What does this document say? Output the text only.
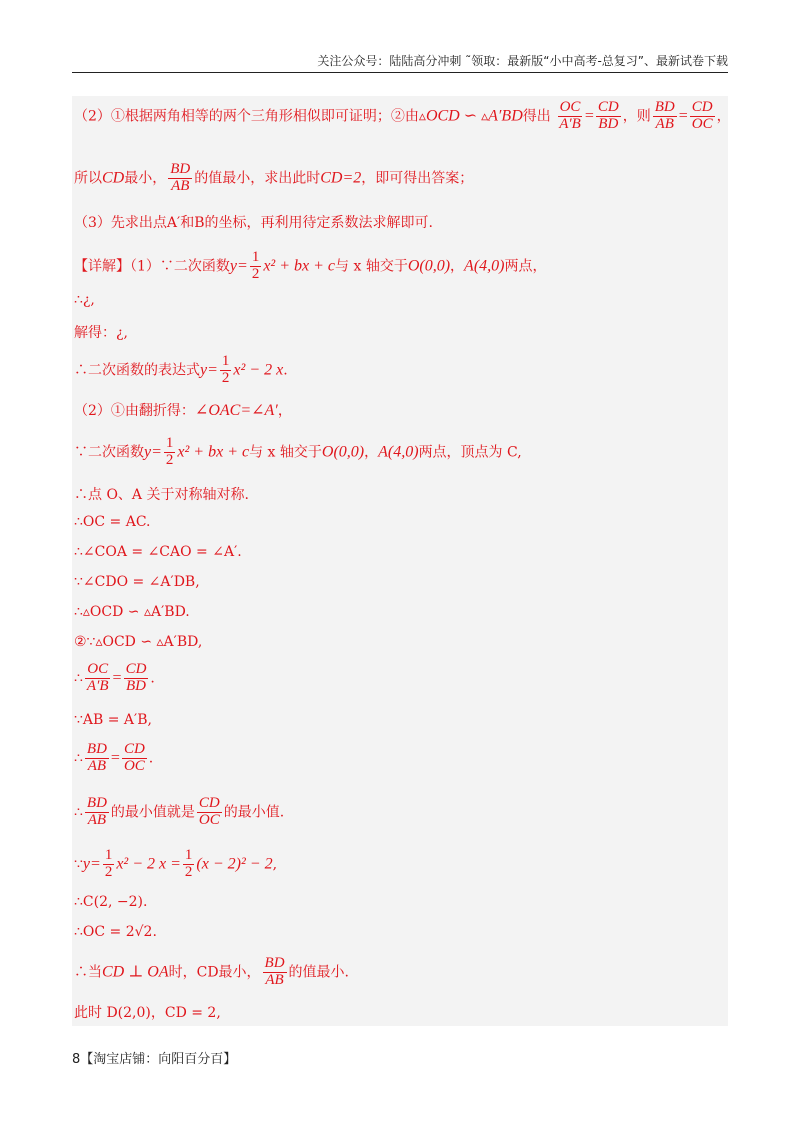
关注公众号：陆陆高分冲刺 ˜领取：最新版“小中高考-总复习”、最新试卷下载
（2）①根据两角相等的两个三角形相似即可证明；②由▵OCD ∽ ▵A′BD得出 $\frac{OC}{A'B} = \frac{CD}{BD}$ ，则 $\frac{BD}{AB} = \frac{CD}{OC}$ ，
所以CD最小， $\frac{BD}{AB}$ 的值最小，求出此时CD=2，即可得出答案；
（3）先求出点A′和B的坐标，再利用待定系数法求解即可.
【详解】（1）∵二次函数$y= \frac{1}{2} x^2$ + bx + c与 x 轴交于O(0,0)，A(4,0)两点，
∴¿,
解得：¿,
∴二次函数的表达式$y= \frac{1}{2} x^2 - 2$ x.
（2）①由翻折得：∠OAC=∠A′，
∵二次函数$y= \frac{1}{2} x^2$ + bx + c与 x 轴交于O(0,0)，A(4,0)两点，顶点为 C,
∴点 O、A 关于对称轴对称.
∴OC = AC.
∴∠COA = ∠CAO = ∠A′.
∵∠CDO = ∠A′DB,
∴▵OCD ∽ ▵A′BD.
②∵▵OCD ∽ ▵A′BD,
∴ $\frac{OC}{A'B} = \frac{CD}{BD}$ .
∵AB = A′B,
∴ $\frac{BD}{AB} = \frac{CD}{OC}$ .
∴ $\frac{BD}{AB}$ 的最小值就是 $\frac{CD}{OC}$ 的最小值.
∵y= $\frac{1}{2} x^2 - 2$ $x = \frac{1}{2} (x - 2)^2 - 2$,
∴C(2, −2).
∴OC = 2√2.
∴当CD ⊥ OA时，CD最小， $\frac{BD}{AB}$ 的值最小.
此时 D(2,0)，CD = 2,
8【淘宝店铺：向阳百分百】
